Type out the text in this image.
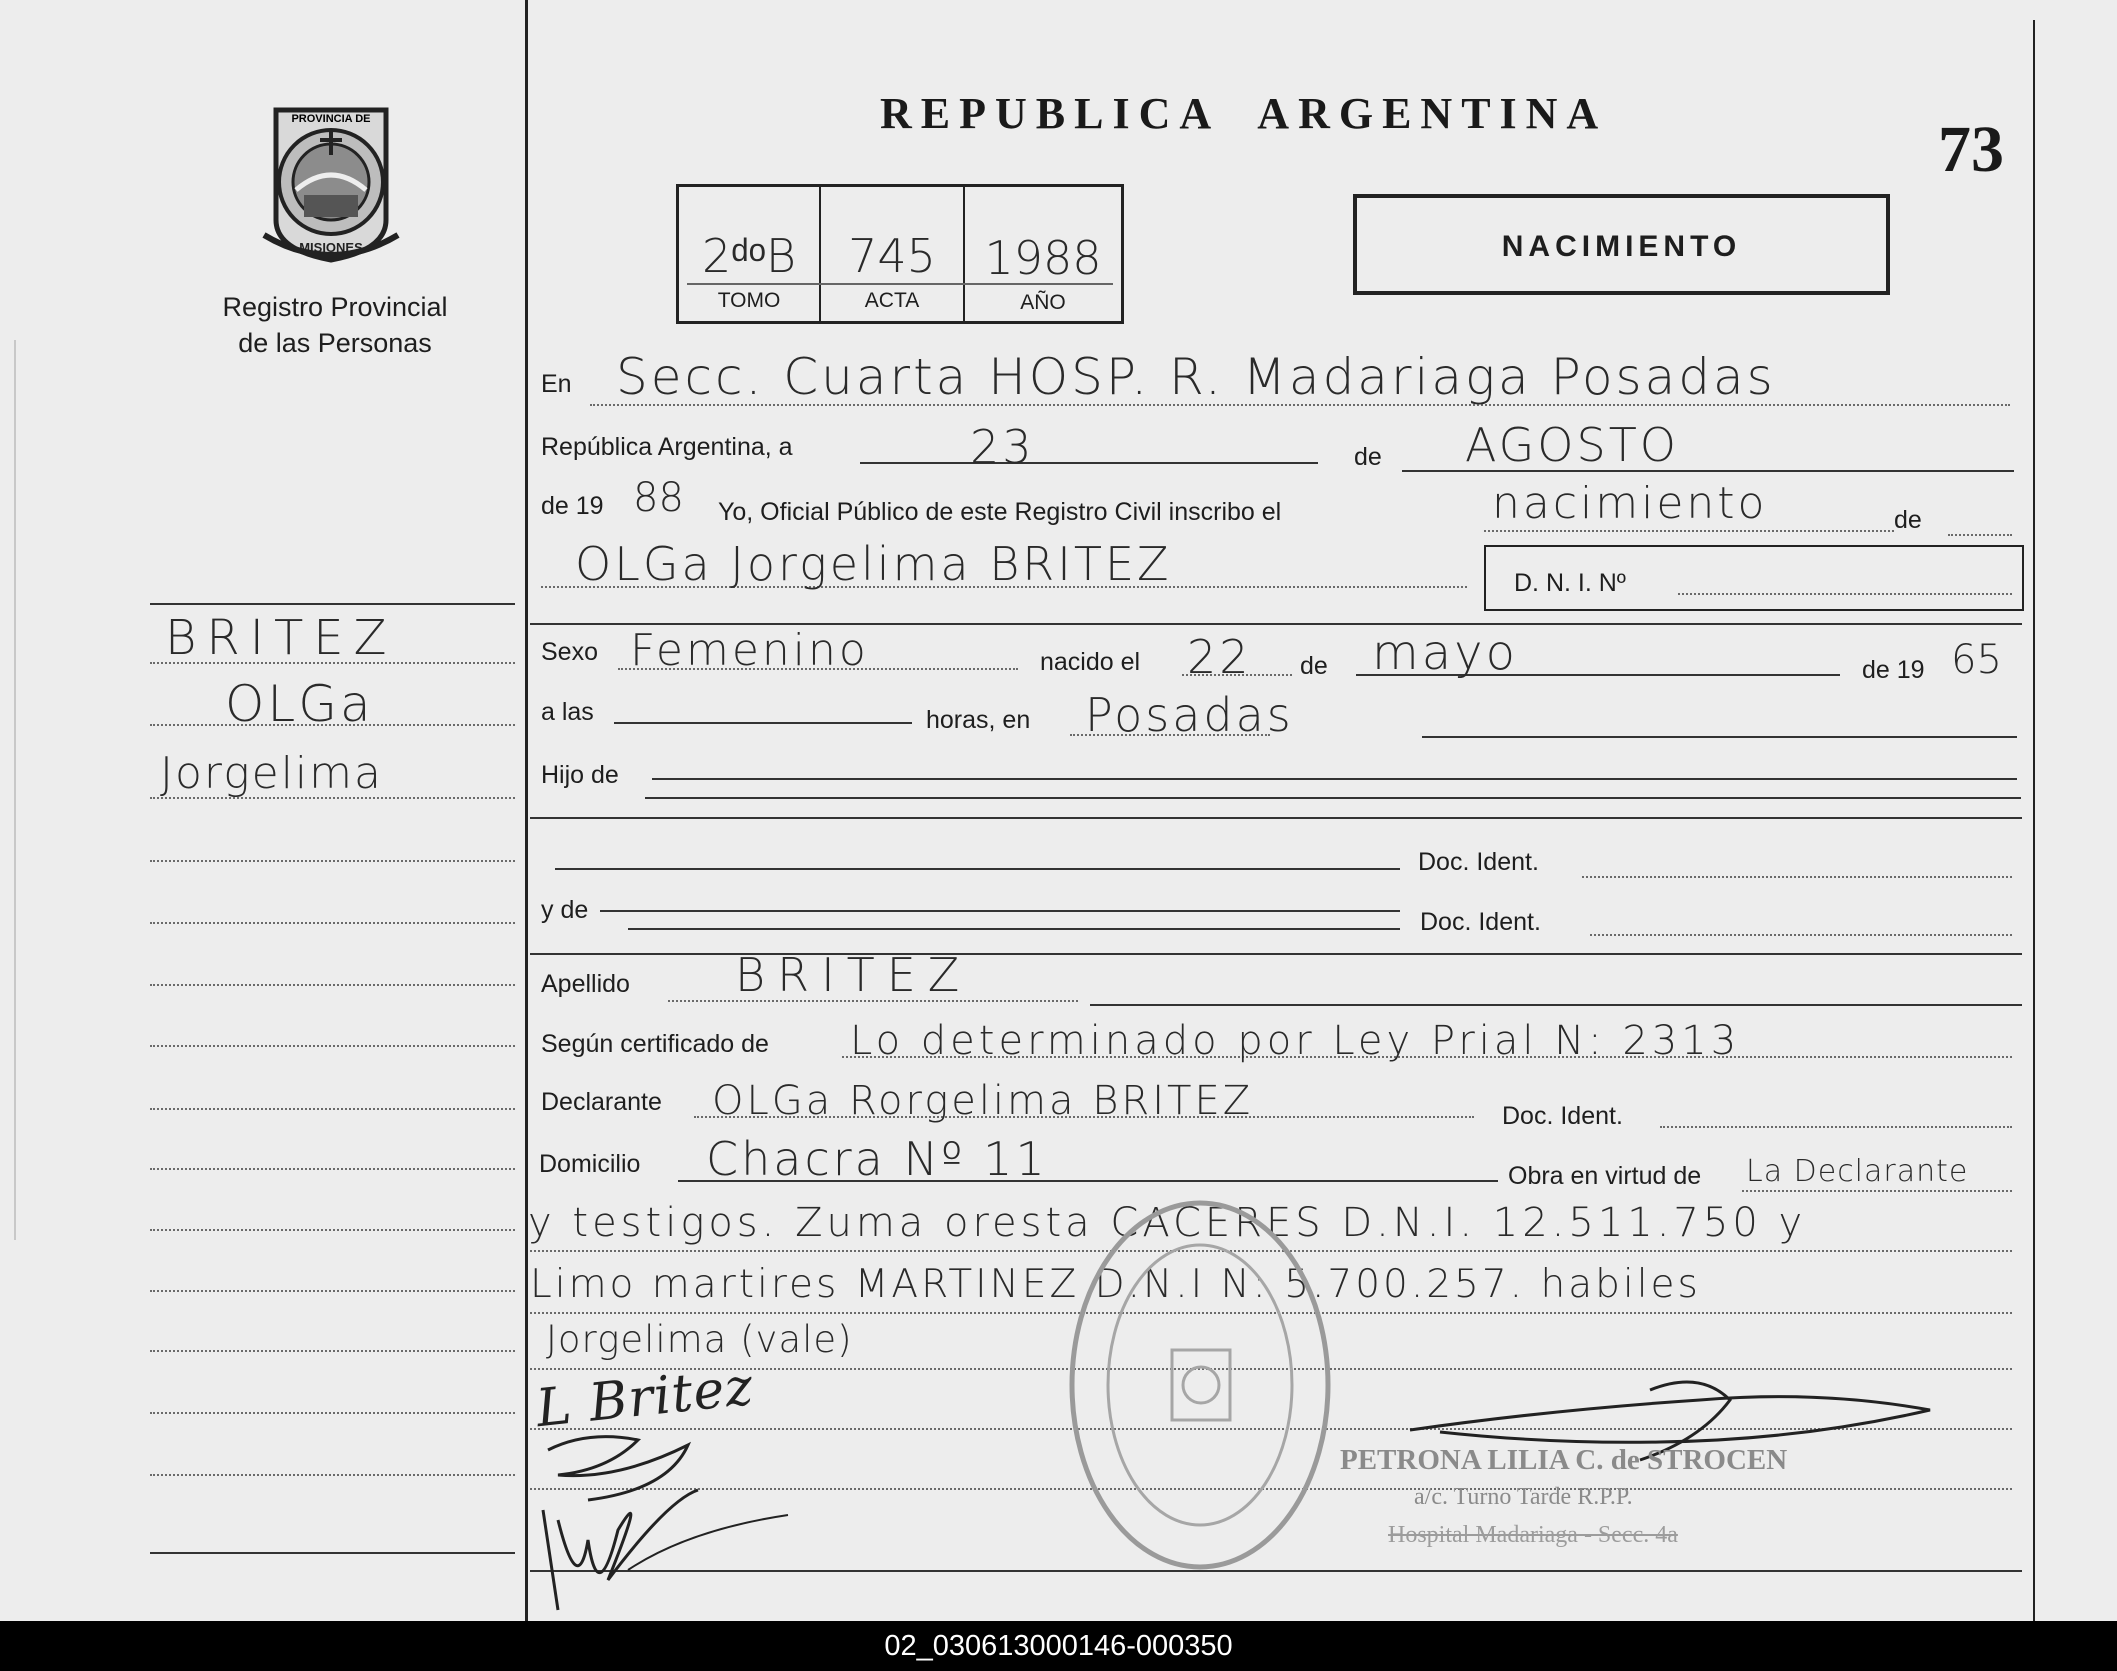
PROVINCIA DE
MISIONES
Registro Provincial
de las Personas
REPUBLICA ARGENTINA	73
2ᵈᵒB	745	1988
TOMO	ACTA	AÑO
NACIMIENTO
BRITEZ
OLGa
Jorgelima
En Secc. Cuarta HOSP. R. Madariaga Posadas
República Argentina, a	23	de AGOSTO
de 19 88 Yo, Oficial Público de este Registro Civil inscribo el	nacimiento	de
OLGa Jorgelima BRITEZ	D. N. I. Nº
Sexo Femenino	nacido el 22 de mayo	de 19 65
a las	horas, en Posadas
Hijo de
Doc. Ident.
y de	Doc. Ident.
Apellido BRITEZ
Según certificado de Lo determinado por Ley Prial N: 2313
Declarante OLGa Rorgelima BRITEZ	Doc. Ident.
Domicilio Chacra Nº 11	Obra en virtud de La Declarante
y testigos. Zuma oresta CACERES D.N.I. 12.511.750 y
Limo martires MARTINEZ D.N.I N: 5.700.257. habiles
Jorgelima (vale)
L Britez
PETRONA LILIA C. de STROCEN
a/c. Turno Tarde R.P.P.
Hospital Madariaga - Secc. 4a
02_030613000146-000350
